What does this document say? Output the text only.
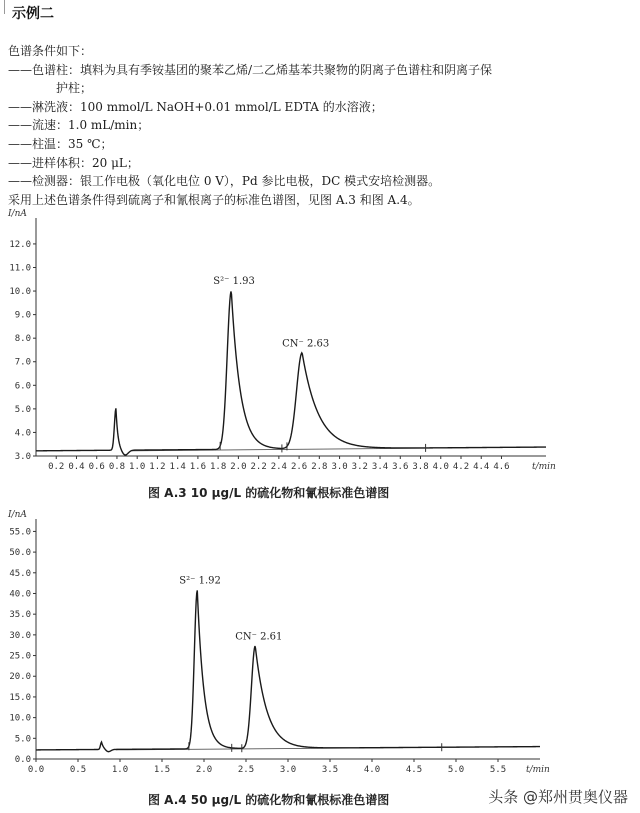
示例二
色谱条件如下：
——色谱柱：填料为具有季铵基团的聚苯乙烯/二乙烯基苯共聚物的阴离子色谱柱和阴离子保
护柱；
——淋洗液：100 mmol/L NaOH+0.01 mmol/L EDTA 的水溶液；
——流速：1.0 mL/min；
——柱温：35 ℃；
——进样体积：20 μL；
——检测器：银工作电极（氧化电位 0 V），Pd 参比电极，DC 模式安培检测器。
采用上述色谱条件得到硫离子和氰根离子的标准色谱图，见图 A.3 和图 A.4。
3.0
4.0
5.0
6.0
7.0
8.0
9.0
10.0
11.0
12.0
0.2 0.4 0.6 0.8 1.0 1.2 1.4 1.6 1.8 2.0 2.2 2.4 2.6 2.8 3.0 3.2 3.4 3.6 3.8 4.0 4.2 4.4 4.6
I/nA
t/min
S²⁻ 1.93
CN⁻ 2.63
图 A.3 10 μg/L 的硫化物和氰根标准色谱图
0.0
5.0
10.0
15.0
20.0
25.0
30.0
35.0
40.0
45.0
50.0
55.0
0.0	0.5	1.0	1.5	2.0	2.5	3.0	3.5	4.0	4.5	5.0	5.5
I/nA
t/min
S²⁻ 1.92
CN⁻ 2.61
图 A.4 50 μg/L 的硫化物和氰根标准色谱图	头条 @郑州贯奥仪器
